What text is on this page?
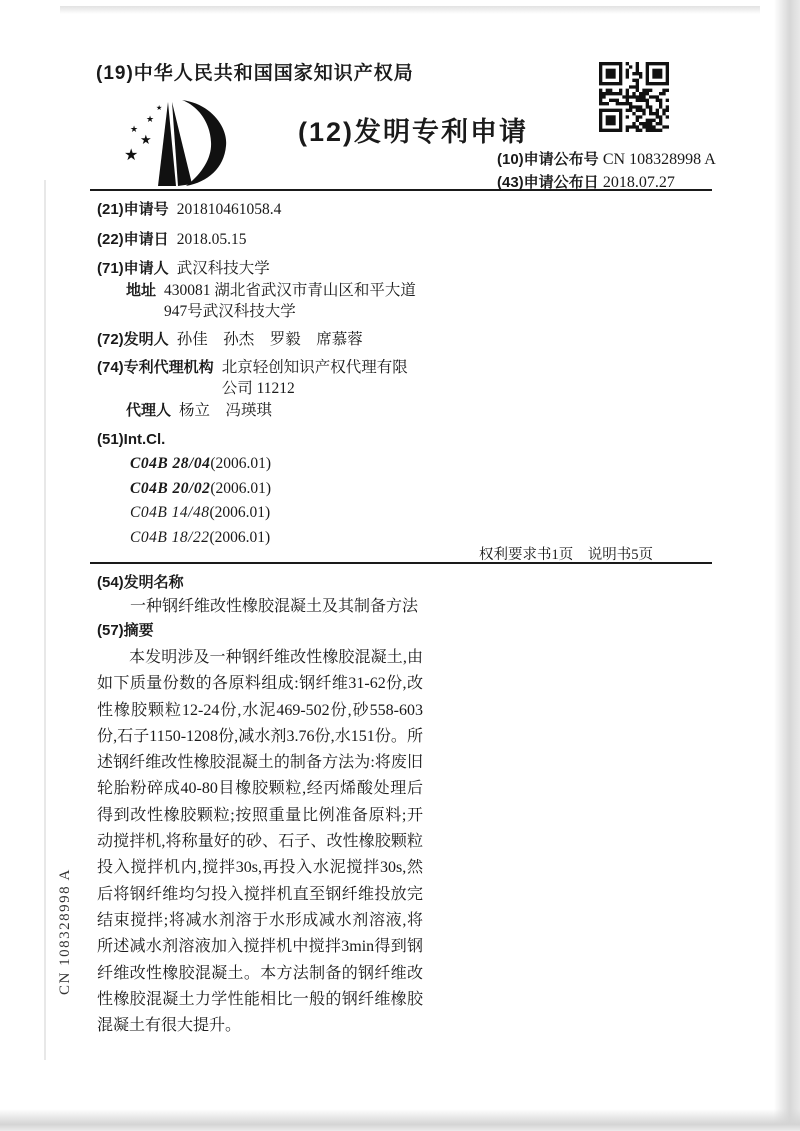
(19)中华人民共和国国家知识产权局
★
★
★
★
★
(12)发明专利申请
(10)申请公布号 CN 108328998 A
(43)申请公布日 2018.07.27
(21)申请号 201810461058.4
(22)申请日 2018.05.15
(71)申请人 武汉科技大学
地址 430081 湖北省武汉市青山区和平大道947号武汉科技大学
(72)发明人 孙佳　孙杰　罗毅　席慕蓉
(74)专利代理机构 北京轻创知识产权代理有限公司 11212
代理人 杨立　冯瑛琪
(51)Int.Cl.
C04B 28/04(2006.01)
C04B 20/02(2006.01)
C04B 14/48(2006.01)
C04B 18/22(2006.01)
权利要求书1页　说明书5页
(54)发明名称
一种钢纤维改性橡胶混凝土及其制备方法
(57)摘要
本发明涉及一种钢纤维改性橡胶混凝土,由如下质量份数的各原料组成:钢纤维31-62份,改性橡胶颗粒12-24份,水泥469-502份,砂558-603份,石子1150-1208份,减水剂3.76份,水151份。所述钢纤维改性橡胶混凝土的制备方法为:将废旧轮胎粉碎成40-80目橡胶颗粒,经丙烯酸处理后得到改性橡胶颗粒;按照重量比例准备原料;开动搅拌机,将称量好的砂、石子、改性橡胶颗粒投入搅拌机内,搅拌30s,再投入水泥搅拌30s,然后将钢纤维均匀投入搅拌机直至钢纤维投放完结束搅拌;将减水剂溶于水形成减水剂溶液,将所述减水剂溶液加入搅拌机中搅拌3min得到钢纤维改性橡胶混凝土。本方法制备的钢纤维改性橡胶混凝土力学性能相比一般的钢纤维橡胶混凝土有很大提升。
CN 108328998 A
